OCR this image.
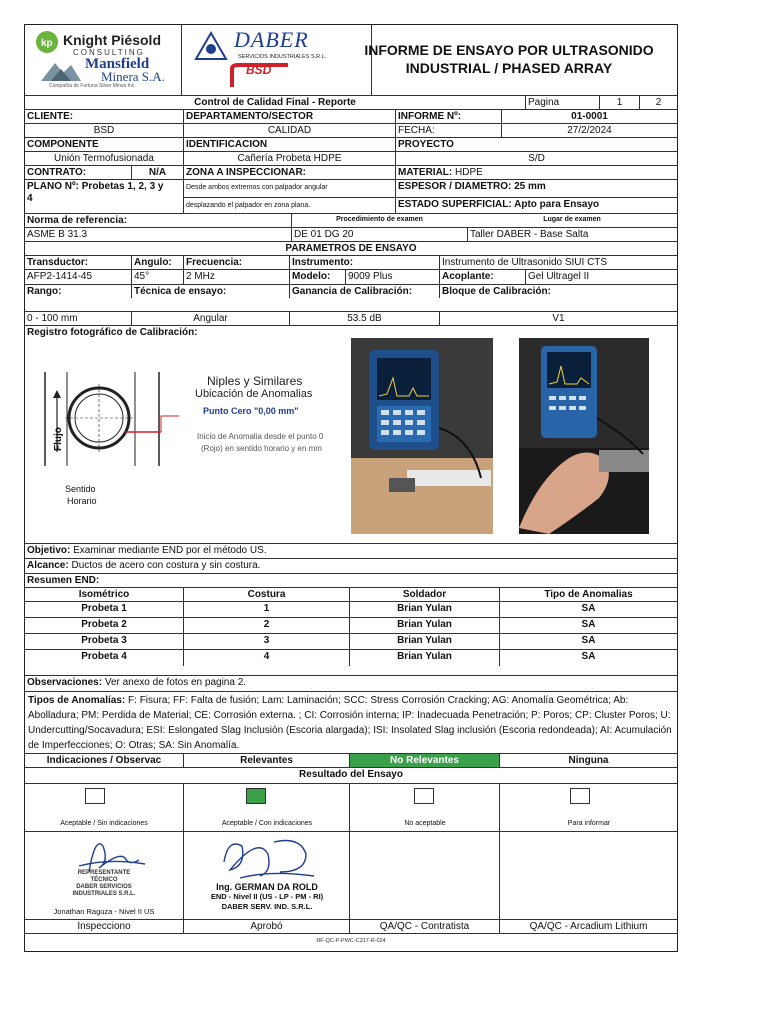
kp Knight Piésold
CONSULTING
Mansfield
Minera S.A.
Compañía de Fortuna Silver Mines Inc.
DABER
SERVICIOS INDUSTRIALES S.R.L.
BSD
INFORME DE ENSAYO POR ULTRASONIDO INDUSTRIAL / PHASED ARRAY
Control de Calidad Final - Reporte	Pagina	1	2
CLIENTE:	DEPARTAMENTO/SECTOR	INFORME Nº:	01-0001
BSD	CALIDAD	FECHA:	27/2/2024
COMPONENTE	IDENTIFICACION	PROYECTO
Unión Termofusionada	Cañería Probeta HDPE	S/D
CONTRATO:	N/A	ZONA A INSPECCIONAR:	MATERIAL: HDPE
PLANO Nº: Probetas 1, 2, 3 y
4
Desde ambos extremos con palpador angular
desplazando el palpador en zona plana.
ESPESOR / DIAMETRO: 25 mm
ESTADO SUPERFICIAL: Apto para Ensayo
Norma de referencia:	Procedimiento de examen	Lugar de examen
ASME B 31.3	DE 01 DG 20	Taller DABER - Base Salta
PARAMETROS DE ENSAYO
Transductor:	Angulo:	Frecuencia:	Instrumento:	Instrumento de Ultrasonido SIUI CTS
AFP2-1414-45	45°	2 MHz	Modelo:	9009 Plus	Acoplante:	Gel Ultragel II
Rango:	Técnica de ensayo:	Ganancia de Calibración:	Bloque de Calibración:
0 - 100 mm	Angular	53.5 dB	V1
Registro fotográfico de Calibración:
Flujo
Sentido
Horario
Niples y Similares
Ubicación de Anomalias
Punto Cero "0,00 mm"
Inicio de Anomalia desde el punto 0
(Rojo) en sentido horario y en mm
Objetivo: Examinar mediante END por el método US.
Alcance: Ductos de acero con costura y sin costura.
Resumen END:
Isométrico	Costura	Soldador	Tipo de Anomalias
Probeta 1	1	Brian Yulan	SA
Probeta 2	2	Brian Yulan	SA
Probeta 3	3	Brian Yulan	SA
Probeta 4	4	Brian Yulan	SA
Observaciones: Ver anexo de fotos en pagina 2.
Tipos de Anomalías: F: Fisura; FF: Falta de fusión; Lam: Laminación; SCC: Stress Corrosión Cracking; AG: Anomalía Geométrica; Ab: Abolladura; PM: Perdida de Material; CE: Corrosión externa. ; CI: Corrosión interna; IP: Inadecuada Penetración; P: Poros; CP: Cluster Poros; U: Undercutting/Socavadura; ESI: Eslongated Slag Inclusión (Escoria alargada); ISI: Insolated Slag inclusión (Escoria redondeada); AI: Acumulación de Imperfecciones; O: Otras; SA: Sin Anomalía.
Indicaciones / Observac	Relevantes	No Relevantes	Ninguna
Resultado del Ensayo
Aceptable / Sin indicaciones	Aceptable / Con indicaciones	No aceptable	Para informar
REPRESENTANTE
TÉCNICO
DABER SERVICIOS
INDUSTRIALES S.R.L.
Jonathan Raguza - Nivel II US
Ing. GERMAN DA ROLD
END - Nivel II (US - LP - PM - RI)
DABER SERV. IND. S.R.L.
Inspecciono	Aprobó	QA/QC - Contratista	QA/QC - Arcadium Lithium
RF-QC-P-PWC-C217-R-024
